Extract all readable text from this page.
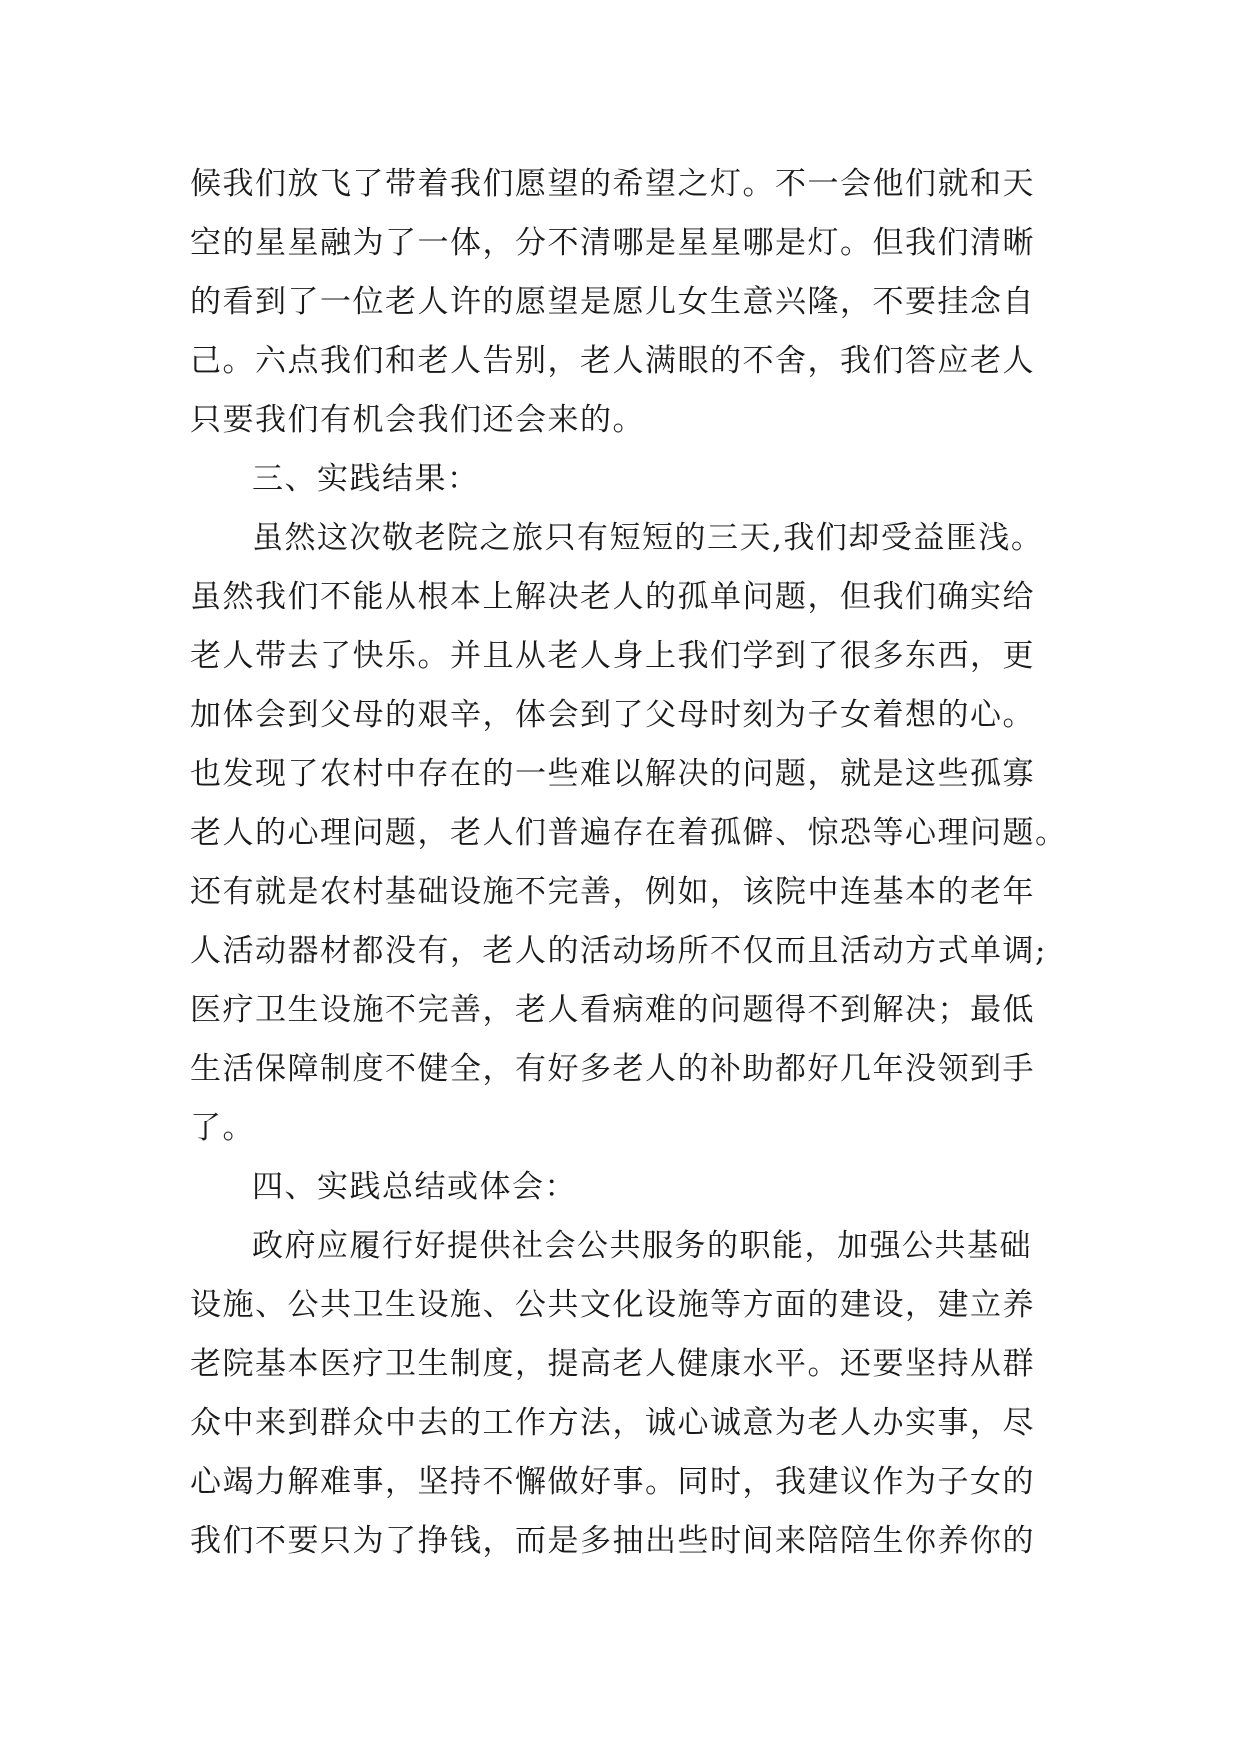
候我们放飞了带着我们愿望的希望之灯。不一会他们就和天
空的星星融为了一体，分不清哪是星星哪是灯。但我们清晰
的看到了一位老人许的愿望是愿儿女生意兴隆，不要挂念自
己。六点我们和老人告别，老人满眼的不舍，我们答应老人
只要我们有机会我们还会来的。
三、实践结果：
虽然这次敬老院之旅只有短短的三天,我们却受益匪浅。
虽然我们不能从根本上解决老人的孤单问题，但我们确实给
老人带去了快乐。并且从老人身上我们学到了很多东西，更
加体会到父母的艰辛，体会到了父母时刻为子女着想的心。
也发现了农村中存在的一些难以解决的问题，就是这些孤寡
老人的心理问题，老人们普遍存在着孤僻、惊恐等心理问题。
还有就是农村基础设施不完善，例如，该院中连基本的老年
人活动器材都没有，老人的活动场所不仅而且活动方式单调;
医疗卫生设施不完善，老人看病难的问题得不到解决；最低
生活保障制度不健全，有好多老人的补助都好几年没领到手
了。
四、实践总结或体会：
政府应履行好提供社会公共服务的职能，加强公共基础
设施、公共卫生设施、公共文化设施等方面的建设，建立养
老院基本医疗卫生制度，提高老人健康水平。还要坚持从群
众中来到群众中去的工作方法，诚心诚意为老人办实事，尽
心竭力解难事，坚持不懈做好事。同时，我建议作为子女的
我们不要只为了挣钱，而是多抽出些时间来陪陪生你养你的
